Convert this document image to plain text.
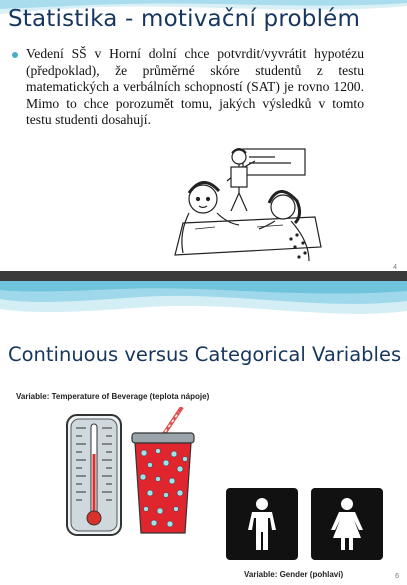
Statistika - motivační problém
Vedení SŠ v Horní dolní chce potvrdit/vyvrátit hypotézu (předpoklad), že průměrné skóre studentů z testu matematických a verbálních schopností (SAT) je rovno 1200. Mimo to chce porozumět tomu, jakých výsledků v tomto testu studenti dosahují.
4
Continuous versus Categorical Variables
Variable: Temperature of Beverage (teplota nápoje)
Variable: Gender (pohlaví)	6
